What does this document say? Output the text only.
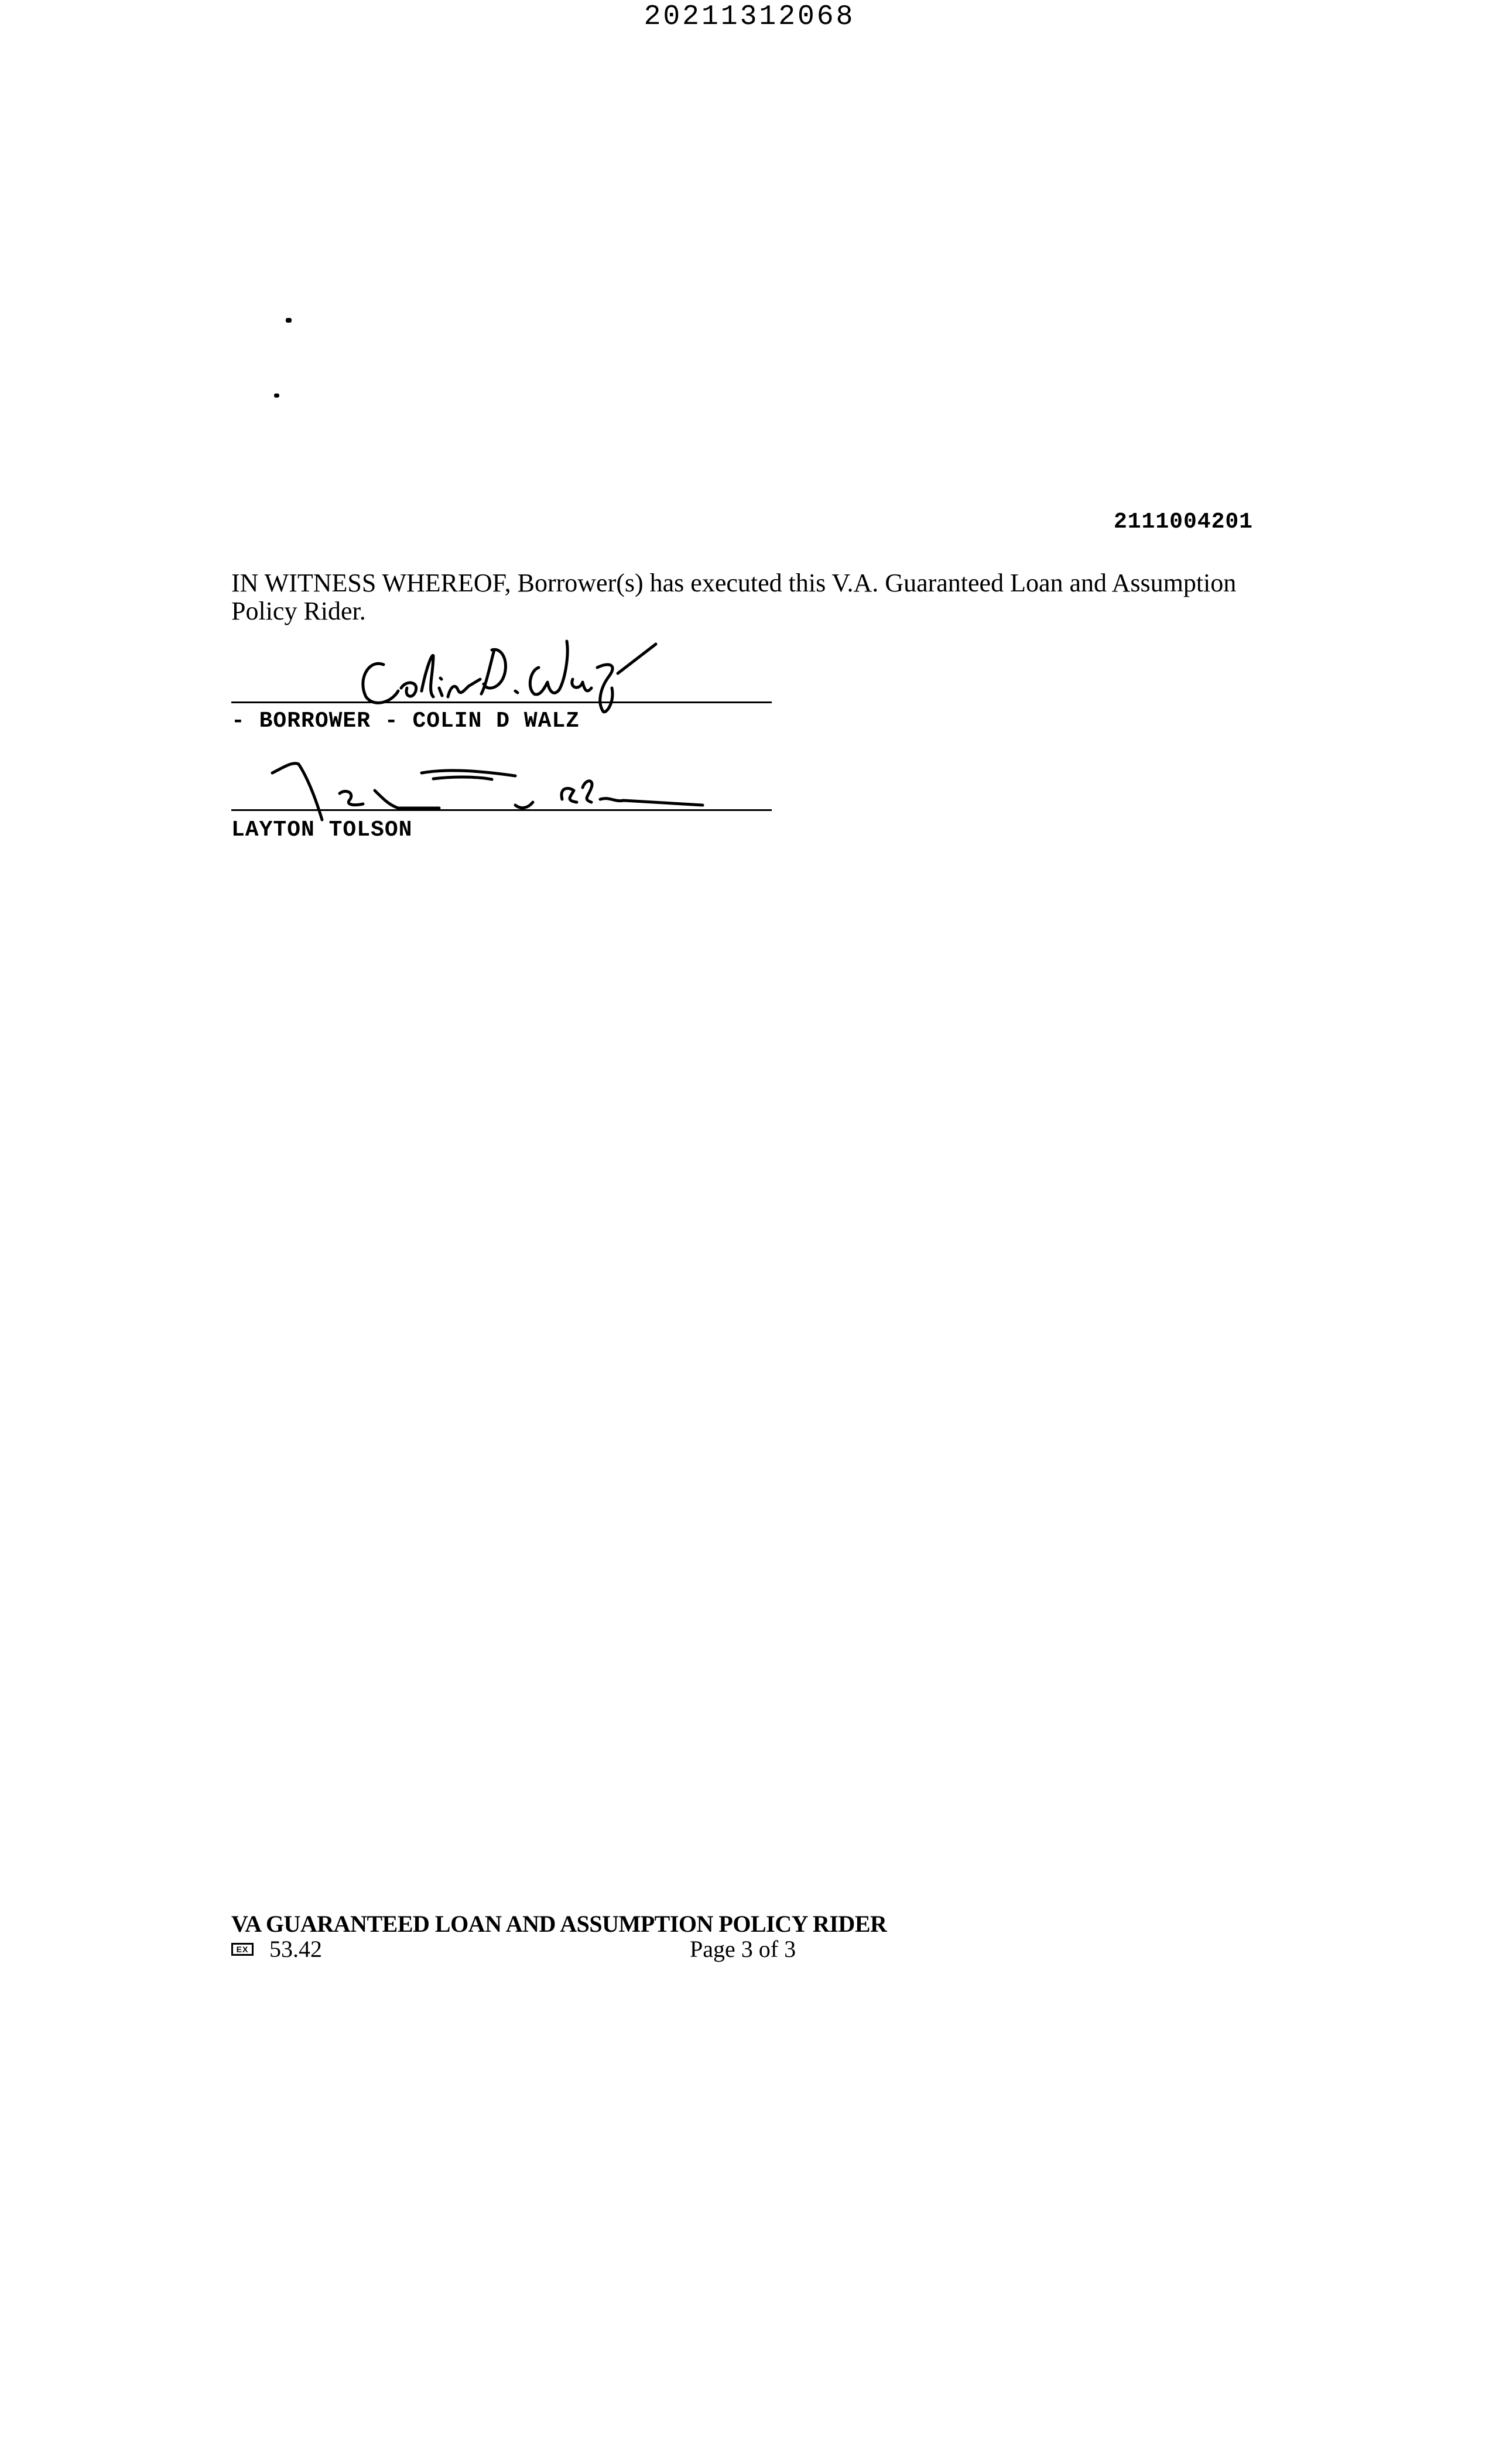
20211312068
2111004201
IN WITNESS WHEREOF, Borrower(s) has executed this V.A. Guaranteed Loan and Assumption Policy Rider.
- BORROWER - COLIN D WALZ
LAYTON TOLSON
VA GUARANTEED LOAN AND ASSUMPTION POLICY RIDER
EX 53.42	Page 3 of 3
